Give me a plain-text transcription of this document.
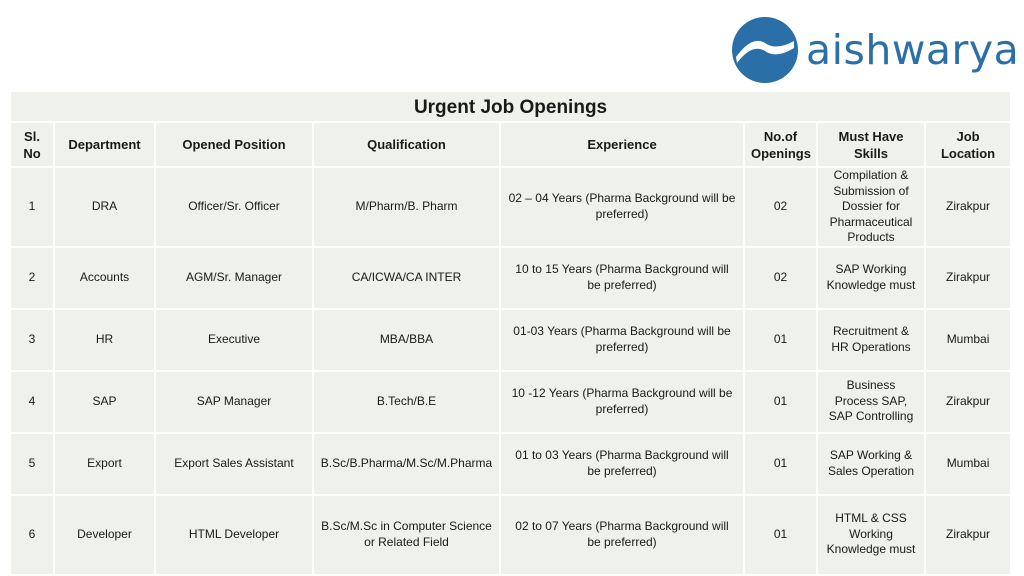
aishwarya
Urgent Job Openings							
Sl. No	Department	Opened Position	Qualification	Experience	No.of Openings	Must Have Skills	Job Location
1	DRA	Officer/Sr. Officer	M/Pharm/B. Pharm	02 – 04 Years (Pharma Background will be preferred)	02	Compilation & Submission of Dossier for Pharmaceutical Products	Zirakpur
2	Accounts	AGM/Sr. Manager	CA/ICWA/CA INTER	10 to 15 Years (Pharma Background will be preferred)	02	SAP Working Knowledge must	Zirakpur
3	HR	Executive	MBA/BBA	01-03 Years (Pharma Background will be preferred)	01	Recruitment & HR Operations	Mumbai
4	SAP	SAP Manager	B.Tech/B.E	10 -12 Years (Pharma Background will be preferred)	01	Business Process SAP, SAP Controlling	Zirakpur
5	Export	Export Sales Assistant	B.Sc/B.Pharma/M.Sc/M.Pharma	01 to 03 Years (Pharma Background will be preferred)	01	SAP Working & Sales Operation	Mumbai
6	Developer	HTML Developer	B.Sc/M.Sc in Computer Science or Related Field	02 to 07 Years (Pharma Background will be preferred)	01	HTML & CSS Working Knowledge must	Zirakpur
